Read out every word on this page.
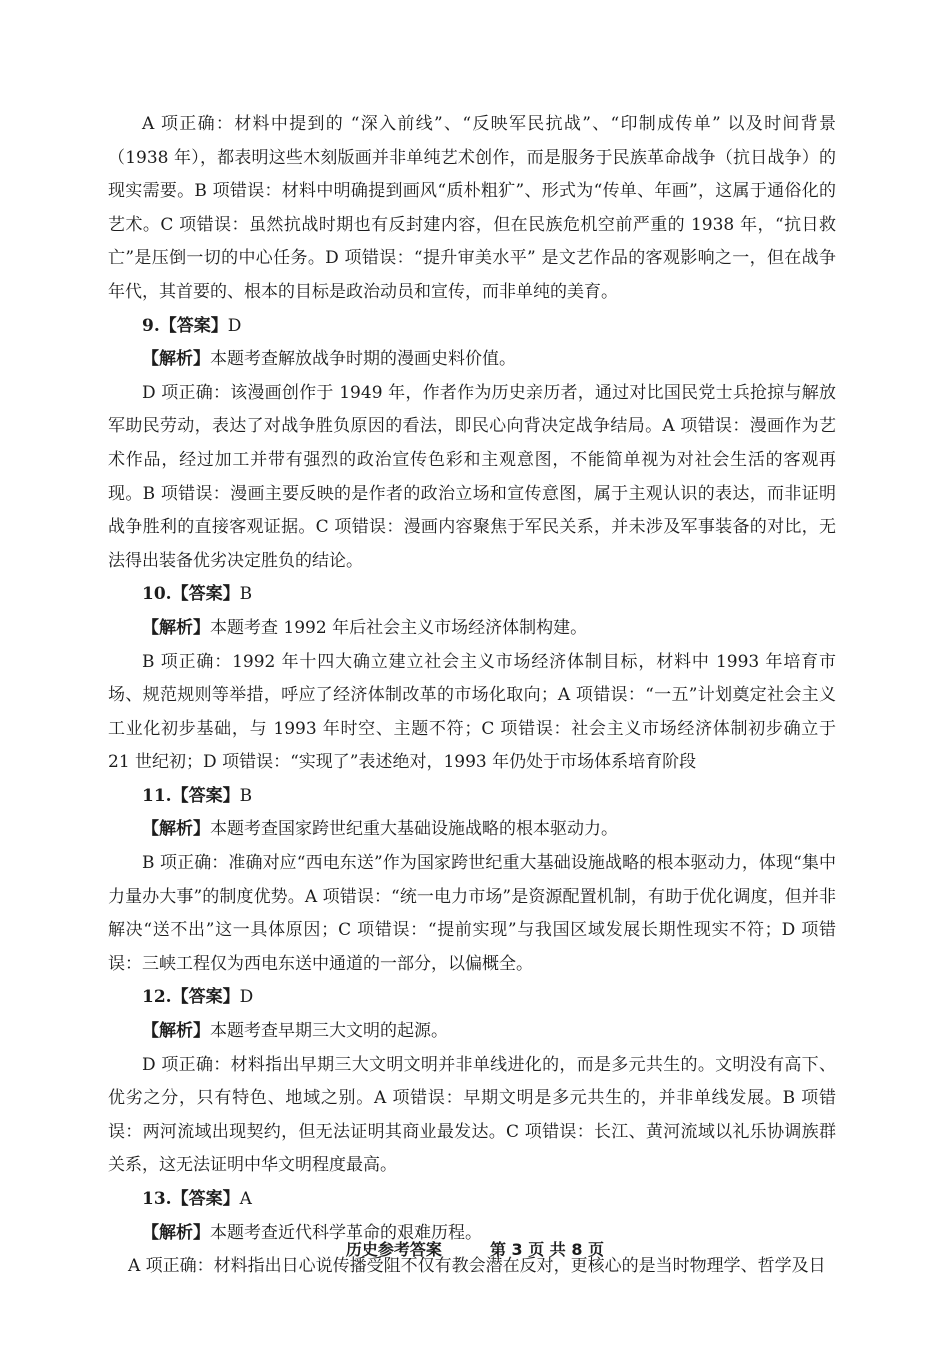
A 项正确：材料中提到的 “深入前线”、“反映军民抗战”、“印制成传单” 以及时间背景（1938 年），都表明这些木刻版画并非单纯艺术创作，而是服务于民族革命战争（抗日战争）的现实需要。B 项错误：材料中明确提到画风“质朴粗犷”、形式为“传单、年画”，这属于通俗化的艺术。C 项错误：虽然抗战时期也有反封建内容，但在民族危机空前严重的 1938 年，“抗日救亡”是压倒一切的中心任务。D 项错误：“提升审美水平” 是文艺作品的客观影响之一，但在战争年代，其首要的、根本的目标是政治动员和宣传，而非单纯的美育。

9.【答案】D

【解析】本题考查解放战争时期的漫画史料价值。

D 项正确：该漫画创作于 1949 年，作者作为历史亲历者，通过对比国民党士兵抢掠与解放军助民劳动，表达了对战争胜负原因的看法，即民心向背决定战争结局。A 项错误：漫画作为艺术作品，经过加工并带有强烈的政治宣传色彩和主观意图，不能简单视为对社会生活的客观再现。B 项错误：漫画主要反映的是作者的政治立场和宣传意图，属于主观认识的表达，而非证明战争胜利的直接客观证据。C 项错误：漫画内容聚焦于军民关系，并未涉及军事装备的对比，无法得出装备优劣决定胜负的结论。

10.【答案】B

【解析】本题考查 1992 年后社会主义市场经济体制构建。

B 项正确：1992 年十四大确立建立社会主义市场经济体制目标，材料中 1993 年培育市场、规范规则等举措，呼应了经济体制改革的市场化取向；A 项错误：“一五”计划奠定社会主义工业化初步基础，与 1993 年时空、主题不符；C 项错误：社会主义市场经济体制初步确立于 21 世纪初；D 项错误：“实现了”表述绝对，1993 年仍处于市场体系培育阶段

11.【答案】B

【解析】本题考查国家跨世纪重大基础设施战略的根本驱动力。

B 项正确：准确对应“西电东送”作为国家跨世纪重大基础设施战略的根本驱动力，体现“集中力量办大事”的制度优势。A 项错误：“统一电力市场”是资源配置机制，有助于优化调度，但并非解决“送不出”这一具体原因；C 项错误：“提前实现”与我国区域发展长期性现实不符；D 项错误：三峡工程仅为西电东送中通道的一部分，以偏概全。

12.【答案】D

【解析】本题考查早期三大文明的起源。

D 项正确：材料指出早期三大文明文明并非单线进化的，而是多元共生的。文明没有高下、优劣之分，只有特色、地域之别。A 项错误：早期文明是多元共生的，并非单线发展。B 项错误：两河流域出现契约，但无法证明其商业最发达。C 项错误：长江、黄河流域以礼乐协调族群关系，这无法证明中华文明程度最高。

13.【答案】A

【解析】本题考查近代科学革命的艰难历程。

A 项正确：材料指出日心说传播受阻不仅有教会潜在反对，更核心的是当时物理学、哲学及日

历史参考答案	第 3 页 共 8 页
